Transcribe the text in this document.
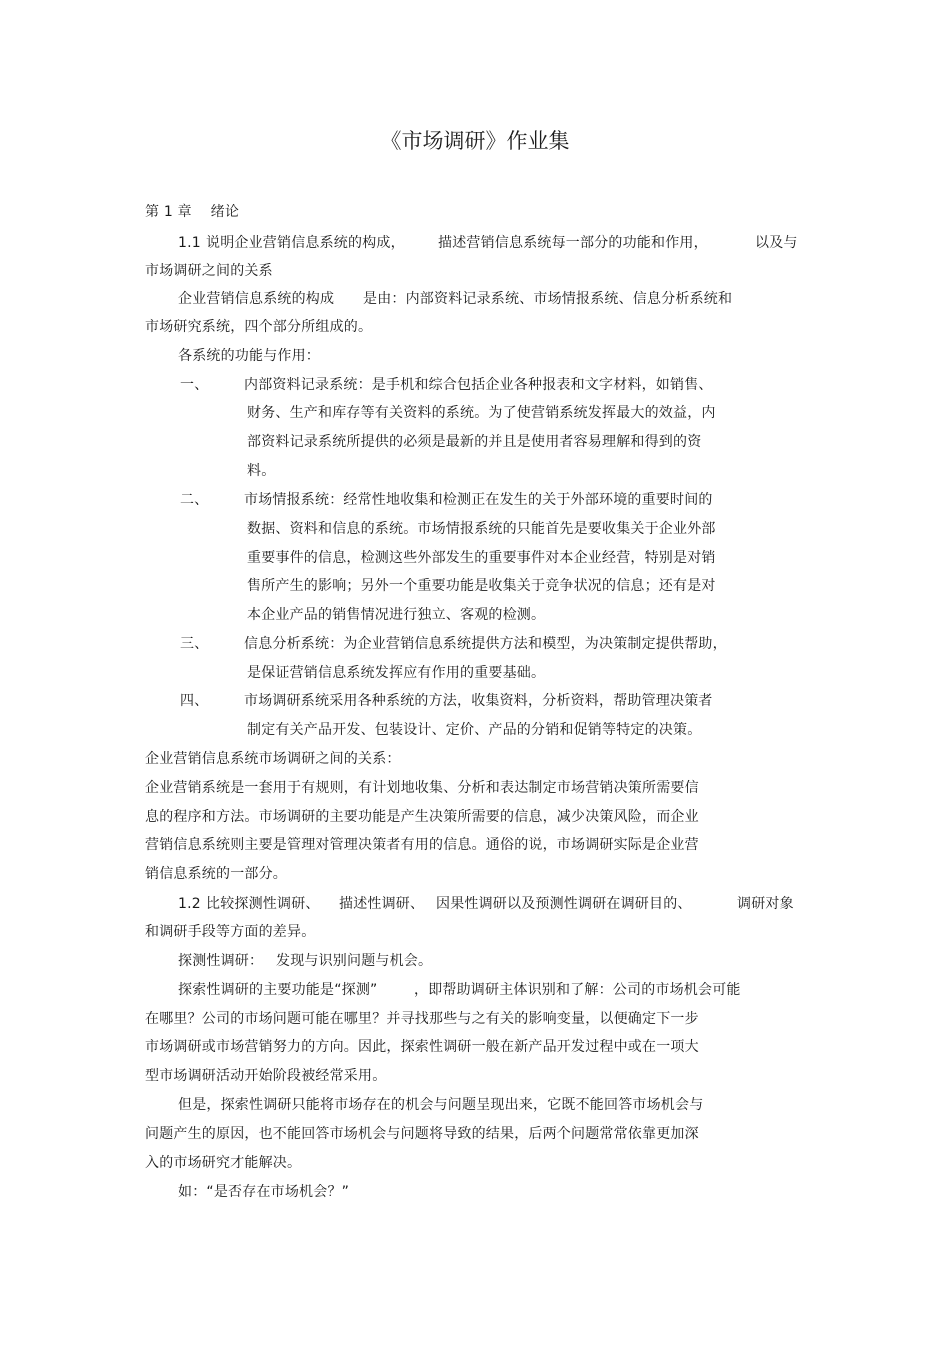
《市场调研》作业集
第 1 章　 绪论
1.1 说明企业营销信息系统的构成， 描述营销信息系统每一部分的功能和作用，	以及与
市场调研之间的关系
企业营销信息系统的构成 是由：内部资料记录系统、市场情报系统、信息分析系统和
市场研究系统，四个部分所组成的。
各系统的功能与作用：
一、	内部资料记录系统：是手机和综合包括企业各种报表和文字材料，如销售、
财务、生产和库存等有关资料的系统。为了使营销系统发挥最大的效益，内
部资料记录系统所提供的必须是最新的并且是使用者容易理解和得到的资
料。
二、	市场情报系统：经常性地收集和检测正在发生的关于外部环境的重要时间的
数据、资料和信息的系统。市场情报系统的只能首先是要收集关于企业外部
重要事件的信息，检测这些外部发生的重要事件对本企业经营，特别是对销
售所产生的影响；另外一个重要功能是收集关于竞争状况的信息；还有是对
本企业产品的销售情况进行独立、客观的检测。
三、	信息分析系统：为企业营销信息系统提供方法和模型，为决策制定提供帮助，
是保证营销信息系统发挥应有作用的重要基础。
四、	市场调研系统采用各种系统的方法，收集资料，分析资料，帮助管理决策者
制定有关产品开发、包装设计、定价、产品的分销和促销等特定的决策。
企业营销信息系统市场调研之间的关系：
企业营销系统是一套用于有规则，有计划地收集、分析和表达制定市场营销决策所需要信
息的程序和方法。市场调研的主要功能是产生决策所需要的信息，减少决策风险，而企业
营销信息系统则主要是管理对管理决策者有用的信息。通俗的说，市场调研实际是企业营
销信息系统的一部分。
1.2 比较探测性调研、 描述性调研、 因果性调研以及预测性调研在调研目的、	调研对象
和调研手段等方面的差异。
探测性调研： 发现与识别问题与机会。
探索性调研的主要功能是“探测”	，即帮助调研主体识别和了解：公司的市场机会可能
在哪里？公司的市场问题可能在哪里？并寻找那些与之有关的影响变量，以便确定下一步
市场调研或市场营销努力的方向。因此，探索性调研一般在新产品开发过程中或在一项大
型市场调研活动开始阶段被经常采用。
但是，探索性调研只能将市场存在的机会与问题呈现出来，它既不能回答市场机会与
问题产生的原因，也不能回答市场机会与问题将导致的结果，后两个问题常常依靠更加深
入的市场研究才能解决。
如：“是否存在市场机会？”
